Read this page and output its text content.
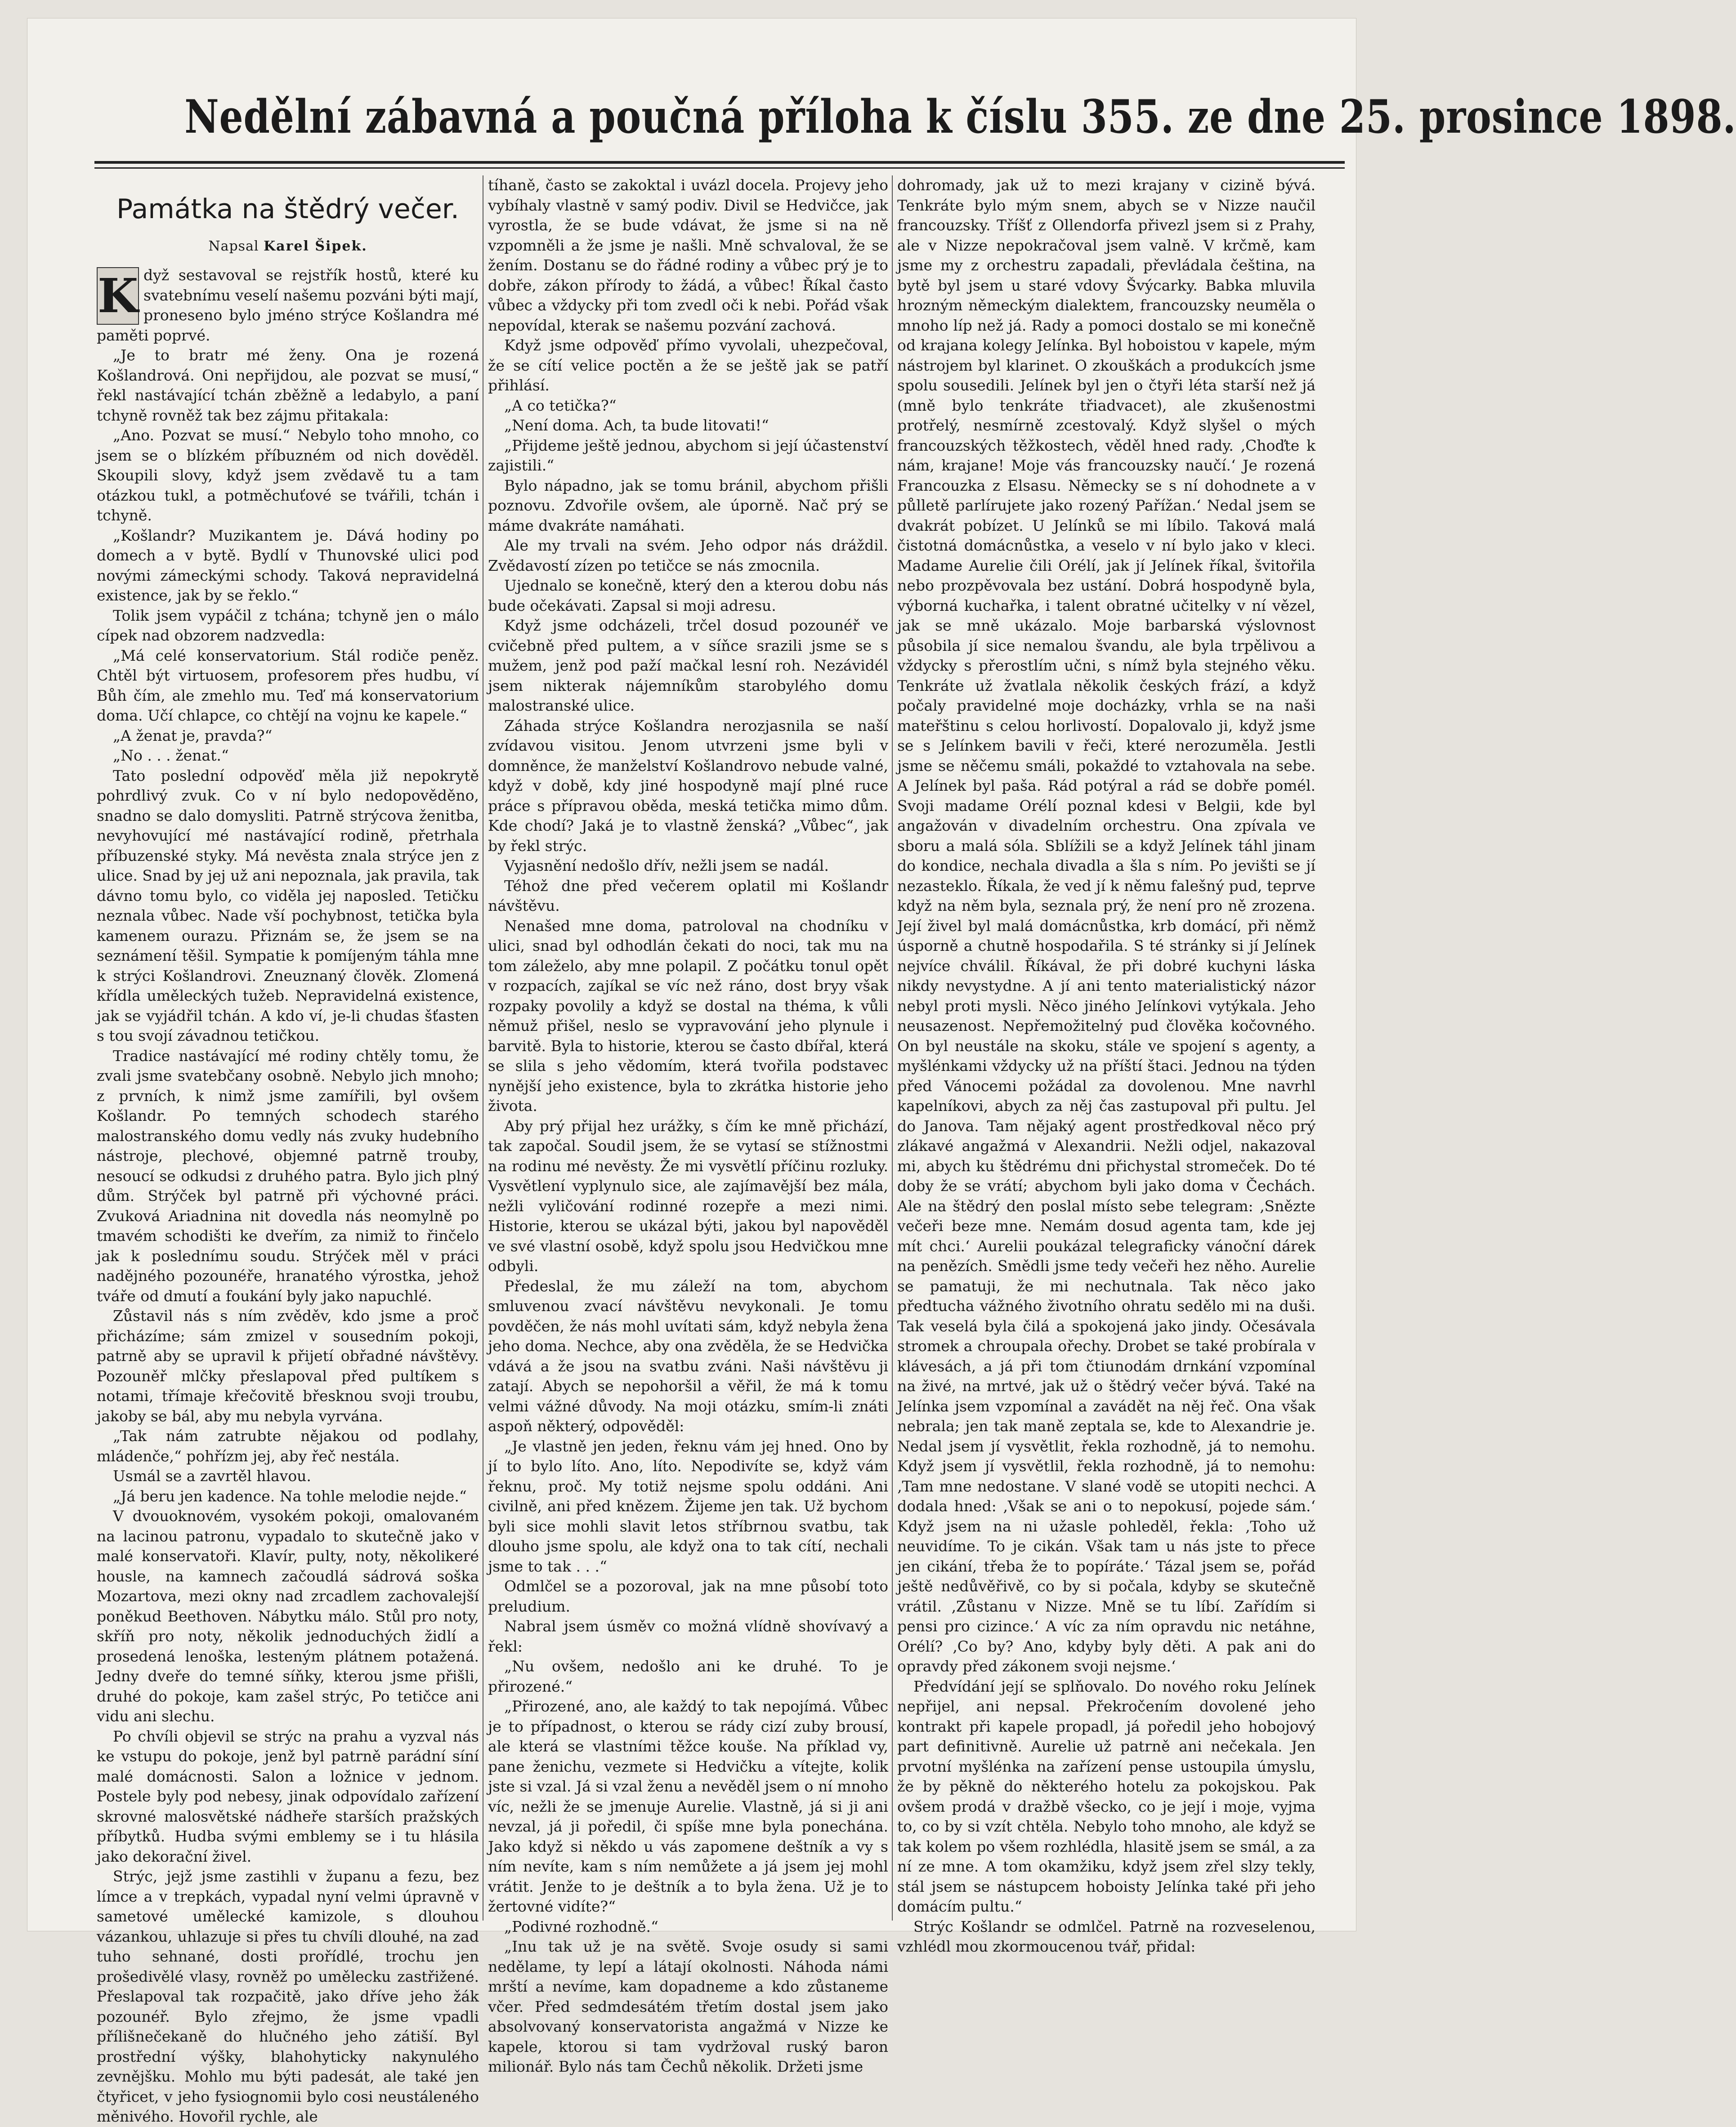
Nedělní zábavná a poučná příloha k číslu 355. ze dne 25. prosince 1898.
Památka na štědrý večer.
Napsal Karel Šipek.
K dyž sestavoval se rejstřík hostů, které ku svatebnímu veselí našemu pozváni býti mají, proneseno bylo jméno strýce Košlandra mé paměti poprvé.

„Je to bratr mé ženy. Ona je rozená Košlandrová. Oni nepřijdou, ale pozvat se musí,“ řekl nastávající tchán zběžně a ledabylo, a paní tchyně rovněž tak bez zájmu přitakala:

„Ano. Pozvat se musí.“ Nebylo toho mnoho, co jsem se o blízkém příbuzném od nich dověděl. Skoupili slovy, když jsem zvědavě tu a tam otázkou tukl, a potměchuťové se tvářili, tchán i tchyně.

„Košlandr? Muzikantem je. Dává hodiny po domech a v bytě. Bydlí v Thunovské ulici pod novými zámeckými schody. Taková nepravidelná existence, jak by se řeklo.“

Tolik jsem vypáčil z tchána; tchyně jen o málo cípek nad obzorem nadzvedla:

„Má celé konservatorium. Stál rodiče peněz. Chtěl být virtuosem, profesorem přes hudbu, ví Bůh čím, ale zmehlo mu. Teď má konservatorium doma. Učí chlapce, co chtějí na vojnu ke kapele.“

„A ženat je, pravda?“

„No . . . ženat.“

Tato poslední odpověď měla již nepokrytě pohrdlivý zvuk. Co v ní bylo nedopověděno, snadno se dalo domysliti. Patrně strýcova ženitba, nevyhovující mé nastávající rodině, přetrhala příbuzenské styky. Má nevěsta znala strýce jen z ulice. Snad by jej už ani nepoznala, jak pravila, tak dávno tomu bylo, co viděla jej naposled. Tetičku neznala vůbec. Nade vší pochybnost, tetička byla kamenem ourazu. Přiznám se, že jsem se na seznámení těšil. Sympatie k pomíjeným táhla mne k strýci Košlandrovi. Zneuznaný člověk. Zlomená křídla uměleckých tužeb. Nepravidelná existence, jak se vyjádřil tchán. A kdo ví, je-li chudas šťasten s tou svojí závadnou tetičkou.

Tradice nastávající mé rodiny chtěly tomu, že zvali jsme svatebčany osobně. Nebylo jich mnoho; z prvních, k nimž jsme zamířili, byl ovšem Košlandr. Po temných schodech starého malostranského domu vedly nás zvuky hudebního nástroje, plechové, objemné patrně trouby, nesoucí se odkudsi z druhého patra. Bylo jich plný dům. Strýček byl patrně při výchovné práci. Zvuková Ariadnina nit dovedla nás neomylně po tmavém schodišti ke dveřím, za nimiž to řinčelo jak k poslednímu soudu. Strýček měl v práci nadějného pozounéře, hranatého výrostka, jehož tváře od dmutí a foukání byly jako napuchlé.

Zůstavil nás s ním zvěděv, kdo jsme a proč přicházíme; sám zmizel v sousedním pokoji, patrně aby se upravil k přijetí obřadné návštěvy. Pozouněř mlčky přeslapoval před pultíkem s notami, třímaje křečovitě břesknou svoji troubu, jakoby se bál, aby mu nebyla vyrvána.

„Tak nám zatrubte nějakou od podlahy, mládenče,“ pohřízm jej, aby řeč nestála.

Usmál se a zavrtěl hlavou.

„Já beru jen kadence. Na tohle melodie nejde.“

V dvouoknovém, vysokém pokoji, omalovaném na lacinou patronu, vypadalo to skutečně jako v malé konservatoři. Klavír, pulty, noty, několikeré housle, na kamnech začoudlá sádrová soška Mozartova, mezi okny nad zrcadlem zachovalejší poněkud Beethoven. Nábytku málo. Stůl pro noty, skříň pro noty, několik jednoduchých židlí a prosedená lenoška, lesteným plátnem potažená. Jedny dveře do temné síňky, kterou jsme přišli, druhé do pokoje, kam zašel strýc, Po tetičce ani vidu ani slechu.

Po chvíli objevil se strýc na prahu a vyzval nás ke vstupu do pokoje, jenž byl patrně parádní síní malé domácnosti. Salon a ložnice v jednom. Postele byly pod nebesy, jinak odpovídalo zařízení skrovné malosvětské nádheře starších pražských příbytků. Hudba svými emblemy se i tu hlásila jako dekorační živel.

Strýc, jejž jsme zastihli v županu a fezu, bez límce a v trepkách, vypadal nyní velmi úpravně v sametové umělecké kamizole, s dlouhou vázankou, uhlazuje si přes tu chvíli dlouhé, na zad tuho sehnané, dosti prořídlé, trochu jen prošedivělé vlasy, rovněž po umělecku zastřižené. Přeslapoval tak rozpačitě, jako dříve jeho žák pozounéř. Bylo zřejmo, že jsme vpadli přílišnečekaně do hlučného jeho zátiší. Byl prostřední výšky, blahohyticky nakynulého zevnějšku. Mohlo mu býti padesát, ale také jen čtyřicet, v jeho fysiognomii bylo cosi neustáleného měnivého. Hovořil rychle, ale

tíhaně, často se zakoktal i uvázl docela. Projevy jeho vybíhaly vlastně v samý podiv. Divil se Hedvičce, jak vyrostla, že se bude vdávat, že jsme si na ně vzpomněli a že jsme je našli. Mně schvaloval, že se žením. Dostanu se do řádné rodiny a vůbec prý je to dobře, zákon přírody to žádá, a vůbec! Říkal často vůbec a vždycky při tom zvedl oči k nebi. Pořád však nepovídal, kterak se našemu pozvání zachová.

Když jsme odpověď přímo vyvolali, uhezpečoval, že se cítí velice poctěn a že se ještě jak se patří přihlásí.

„A co tetička?“

„Není doma. Ach, ta bude litovati!“

„Přijdeme ještě jednou, abychom si její účastenství zajistili.“

Bylo nápadno, jak se tomu bránil, abychom přišli poznovu. Zdvořile ovšem, ale úporně. Nač prý se máme dvakráte namáhati.

Ale my trvali na svém. Jeho odpor nás dráždil. Zvědavostí zízen po tetičce se nás zmocnila.

Ujednalo se konečně, který den a kterou dobu nás bude očekávati. Zapsal si moji adresu.

Když jsme odcházeli, trčel dosud pozounéř ve cvičebně před pultem, a v síňce srazili jsme se s mužem, jenž pod paží mačkal lesní roh. Nezávidél jsem nikterak nájemníkům starobylého domu malostranské ulice.

Záhada strýce Košlandra nerozjasnila se naší zvídavou visitou. Jenom utvrzeni jsme byli v domněnce, že manželství Košlandrovo nebude valné, když v době, kdy jiné hospodyně mají plné ruce práce s přípravou oběda, meská tetička mimo dům. Kde chodí? Jaká je to vlastně ženská? „Vůbec“, jak by řekl strýc.

Vyjasnění nedošlo dřív, nežli jsem se nadál.

Téhož dne před večerem oplatil mi Košlandr návštěvu.

Nenašed mne doma, patroloval na chodníku v ulici, snad byl odhodlán čekati do noci, tak mu na tom záleželo, aby mne polapil. Z počátku tonul opět v rozpacích, zajíkal se víc než ráno, dost bryy však rozpaky povolily a když se dostal na théma, k vůli němuž přišel, neslo se vypravování jeho plynule i barvitě. Byla to historie, kterou se často dbířal, která se slila s jeho vědomím, která tvořila podstavec nynější jeho existence, byla to zkrátka historie jeho života.

Aby prý přijal hez urážky, s čím ke mně přichází, tak započal. Soudil jsem, že se vytasí se stížnostmi na rodinu mé nevěsty. Že mi vysvětlí příčinu rozluky. Vysvětlení vyplynulo sice, ale zajímavější bez mála, nežli vyličování rodinné rozepře a mezi nimi. Historie, kterou se ukázal býti, jakou byl napověděl ve své vlastní osobě, když spolu jsou Hedvičkou mne odbyli.

Předeslal, že mu záleží na tom, abychom smluvenou zvací návštěvu nevykonali. Je tomu povděčen, že nás mohl uvítati sám, když nebyla žena jeho doma. Nechce, aby ona zvěděla, že se Hedvička vdává a že jsou na svatbu zváni. Naši návštěvu ji zatají. Abych se nepohoršil a věřil, že má k tomu velmi vážné důvody. Na moji otázku, smím-li znáti aspoň některý, odpověděl:

„Je vlastně jen jeden, řeknu vám jej hned. Ono by jí to bylo líto. Ano, líto. Nepodivíte se, když vám řeknu, proč. My totiž nejsme spolu oddáni. Ani civilně, ani před knězem. Žijeme jen tak. Už bychom byli sice mohli slavit letos stříbrnou svatbu, tak dlouho jsme spolu, ale když ona to tak cítí, nechali jsme to tak . . .“

Odmlčel se a pozoroval, jak na mne působí toto preludium.

Nabral jsem úsměv co možná vlídně shovívavý a řekl:

„Nu ovšem, nedošlo ani ke druhé. To je přirozené.“

„Přirozené, ano, ale každý to tak nepojímá. Vůbec je to případnost, o kterou se rády cizí zuby brousí, ale která se vlastními těžce kouše. Na příklad vy, pane ženichu, vezmete si Hedvičku a vítejte, kolik jste si vzal. Já si vzal ženu a nevěděl jsem o ní mnoho víc, nežli že se jmenuje Aurelie. Vlastně, já si ji ani nevzal, já ji poředil, či spíše mne byla ponechána. Jako když si někdo u vás zapomene deštník a vy s ním nevíte, kam s ním nemůžete a já jsem jej mohl vrátit. Jenže to je deštník a to byla žena. Už je to žertovné vidíte?“

„Podivné rozhodně.“

„Inu tak už je na světě. Svoje osudy si sami nedělame, ty lepí a látají okolnosti. Náhoda námi mrští a nevíme, kam dopadneme a kdo zůstaneme včer. Před sedmdesátém třetím dostal jsem jako absolvovaný konservatorista angažmá v Nizze ke kapele, ktorou si tam vydržoval ruský baron milionář. Bylo nás tam Čechů několik. Držeti jsme

dohromady, jak už to mezi krajany v cizině bývá. Tenkráte bylo mým snem, abych se v Nizze naučil francouzsky. Tříšť z Ollendorfa přivezl jsem si z Prahy, ale v Nizze nepokračoval jsem valně. V krčmě, kam jsme my z orchestru zapadali, převládala čeština, na bytě byl jsem u staré vdovy Švýcarky. Babka mluvila hrozným německým dialektem, francouzsky neuměla o mnoho líp než já. Rady a pomoci dostalo se mi konečně od krajana kolegy Jelínka. Byl hoboistou v kapele, mým nástrojem byl klarinet. O zkouškách a produkcích jsme spolu sousedili. Jelínek byl jen o čtyři léta starší než já (mně bylo tenkráte třiadvacet), ale zkušenostmi protřelý, nesmírně zcestovalý. Když slyšel o mých francouzských těžkostech, věděl hned rady. ‚Choďte k nám, krajane! Moje vás francouzsky naučí.‘ Je rozená Francouzka z Elsasu. Německy se s ní dohodnete a v půlletě parlírujete jako rozený Pařížan.‘ Nedal jsem se dvakrát pobízet. U Jelínků se mi líbilo. Taková malá čistotná domácnůstka, a veselo v ní bylo jako v kleci. Madame Aurelie čili Orélí, jak jí Jelínek říkal, švitořila nebo prozpěvovala bez ustání. Dobrá hospodyně byla, výborná kuchařka, i talent obratné učitelky v ní vězel, jak se mně ukázalo. Moje barbarská výslovnost působila jí sice nemalou švandu, ale byla trpělivou a vždycky s přerostlím učni, s nímž byla stejného věku. Tenkráte už žvatlala několik českých frází, a když počaly pravidelné moje docházky, vrhla se na naši mateřštinu s celou horlivostí. Dopalovalo ji, když jsme se s Jelínkem bavili v řeči, které nerozuměla. Jestli jsme se něčemu smáli, pokaždé to vztahovala na sebe. A Jelínek byl paša. Rád potýral a rád se dobře pomél. Svoji madame Orélí poznal kdesi v Belgii, kde byl angažován v divadelním orchestru. Ona zpívala ve sboru a malá sóla. Sblížili se a když Jelínek táhl jinam do kondice, nechala divadla a šla s ním. Po jevišti se jí nezasteklo. Říkala, že ved jí k němu falešný pud, teprve když na něm byla, seznala prý, že není pro ně zrozena. Její živel byl malá domácnůstka, krb domácí, při němž úsporně a chutně hospodařila. S té stránky si jí Jelínek nejvíce chválil. Říkával, že při dobré kuchyni láska nikdy nevystydne. A jí ani tento materialistický názor nebyl proti mysli. Něco jiného Jelínkovi vytýkala. Jeho neusazenost. Nepřemožitelný pud člověka kočovného. On byl neustále na skoku, stále ve spojení s agenty, a myšlénkami vždycky už na příští štaci. Jednou na týden před Vánocemi požádal za dovolenou. Mne navrhl kapelníkovi, abych za něj čas zastupoval při pultu. Jel do Janova. Tam nějaký agent prostředkoval něco prý zlákavé angažmá v Alexandrii. Nežli odjel, nakazoval mi, abych ku štědrému dni přichystal stromeček. Do té doby že se vrátí; abychom byli jako doma v Čechách. Ale na štědrý den poslal místo sebe telegram: ‚Snězte večeři beze mne. Nemám dosud agenta tam, kde jej mít chci.‘ Aurelii poukázal telegraficky vánoční dárek na penězích. Smědli jsme tedy večeři hez něho. Aurelie se pamatuji, že mi nechutnala. Tak něco jako předtucha vážného životního ohratu sedělo mi na duši. Tak veselá byla čilá a spokojená jako jindy. Očesávala stromek a chroupala ořechy. Drobet se také probírala v klávesách, a já při tom čtiunodám drnkání vzpomínal na živé, na mrtvé, jak už o štědrý večer bývá. Také na Jelínka jsem vzpomínal a zavádět na něj řeč. Ona však nebrala; jen tak maně zeptala se, kde to Alexandrie je. Nedal jsem jí vysvětlit, řekla rozhodně, já to nemohu. Když jsem jí vysvětlil, řekla rozhodně, já to nemohu: ‚Tam mne nedostane. V slané vodě se utopiti nechci. A dodala hned: ‚Však se ani o to nepokusí, pojede sám.‘ Když jsem na ni užasle pohleděl, řekla: ‚Toho už neuvidíme. To je cikán. Však tam u nás jste to přece jen cikání, třeba že to popíráte.‘ Tázal jsem se, pořád ještě nedůvěřivě, co by si počala, kdyby se skutečně vrátil. ‚Zůstanu v Nizze. Mně se tu líbí. Zařídím si pensi pro cizince.‘ A víc za ním opravdu nic netáhne, Orélí? ‚Co by? Ano, kdyby byly děti. A pak ani do opravdy před zákonem svoji nejsme.‘

Předvídání její se splňovalo. Do nového roku Jelínek nepřijel, ani nepsal. Překročením dovolené jeho kontrakt při kapele propadl, já poředil jeho hobojový part definitivně. Aurelie už patrně ani nečekala. Jen prvotní myšlénka na zařízení pense ustoupila úmyslu, že by pěkně do některého hotelu za pokojskou. Pak ovšem prodá v dražbě všecko, co je její i moje, vyjma to, co by si vzít chtěla. Nebylo toho mnoho, ale když se tak kolem po všem rozhlédla, hlasitě jsem se smál, a za ní ze mne. A tom okamžiku, když jsem zřel slzy tekly, stál jsem se nástupcem hoboisty Jelínka také při jeho domácím pultu.“

Strýc Košlandr se odmlčel. Patrně na rozveselenou, vzhlédl mou zkormoucenou tvář, přidal:
